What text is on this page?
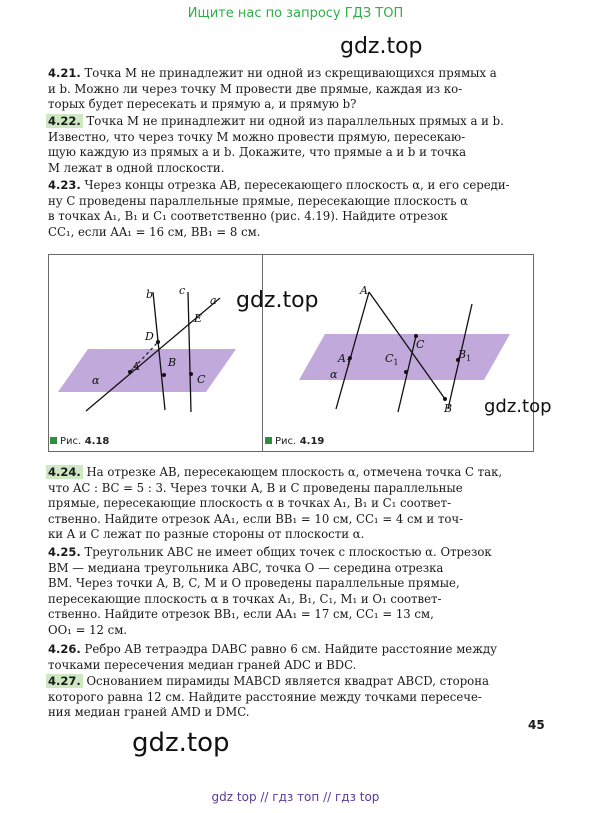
Ищите нас по запросу ГДЗ ТОП
gdz.top
4.21. Точка M не принадлежит ни одной из скрещивающихся прямых a
и b. Можно ли через точку M провести две прямые, каждая из ко-
торых будет пересекать и прямую a, и прямую b?
4.22. Точка M не принадлежит ни одной из параллельных прямых a и b.
Известно, что через точку M можно провести прямую, пересекаю-
щую каждую из прямых a и b. Докажите, что прямые a и b и точка
M лежат в одной плоскости.
4.23. Через концы отрезка AB, пересекающего плоскость α, и его середи-
ну C проведены параллельные прямые, пересекающие плоскость α
в точках A₁, B₁ и C₁ соответственно (рис. 4.19). Найдите отрезок
CC₁, если AA₁ = 16 см, BB₁ = 8 см.
a
b c
D
E
A	B
C
α
A
B
C
$A_1$	$C_1$
$B_1$
α
gdz.top
gdz.top
Рис. 4.18	Рис. 4.19
4.24. На отрезке AB, пересекающем плоскость α, отмечена точка C так,
что AC : BC = 5 : 3. Через точки A, B и C проведены параллельные
прямые, пересекающие плоскость α в точках A₁, B₁ и C₁ соответ-
ственно. Найдите отрезок AA₁, если BB₁ = 10 см, CC₁ = 4 см и точ-
ки A и C лежат по разные стороны от плоскости α.
4.25. Треугольник ABC не имеет общих точек с плоскостью α. Отрезок
BM — медиана треугольника ABC, точка O — середина отрезка
BM. Через точки A, B, C, M и O проведены параллельные прямые,
пересекающие плоскость α в точках A₁, B₁, C₁, M₁ и O₁ соответ-
ственно. Найдите отрезок BB₁, если AA₁ = 17 см, CC₁ = 13 см,
OO₁ = 12 см.
4.26. Ребро AB тетраэдра DABC равно 6 см. Найдите расстояние между
точками пересечения медиан граней ADC и BDC.
4.27. Основанием пирамиды MABCD является квадрат ABCD, сторона
которого равна 12 см. Найдите расстояние между точками пересече-
ния медиан граней AMD и DMC.
gdz.top
45
gdz top // гдз топ // гдз top
